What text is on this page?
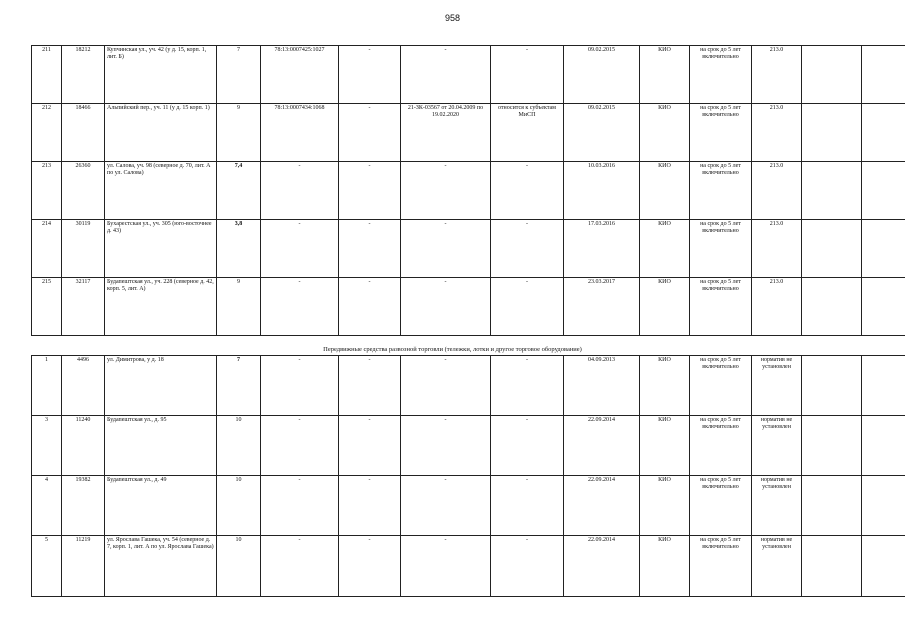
958
211	18212	Купчинская ул., уч. 42 (у д. 15, корп. 1, лит. Б)	7	78:13:0007425:1027	-	-	-	09.02.2015	КИО	на срок до 5 лет включительно	213.0		
212	18466	Альпийский пер., уч. 11 (у д. 15 корп. 1)	9	78:13:0007434:1068	-	21-ЗК-03567 от 20.04.2009 по 19.02.2020	относится к субъектам МиСП	09.02.2015	КИО	на срок до 5 лет включительно	213.0		
213	26360	ул. Салова, уч. 98 (северное д. 70, лит. А по ул. Салова)	7,4	-	-	-	-	10.03.2016	КИО	на срок до 5 лет включительно	213.0		
214	30119	Бухарестская ул., уч. 305 (юго-восточнее д. 43)	3,8	-	-	-	-	17.03.2016	КИО	на срок до 5 лет включительно	213.0		
215	32117	Будапештская ул., уч. 228 (северное д. 42, корп. 5, лит. А)	9	-	-	-	-	23.03.2017	КИО	на срок до 5 лет включительно	213.0		
Передвижные средства развозной торговли (тележки, лотки и другое торговое оборудование)
1	4496	ул. Димитрова, у д. 18	7	-	-	-	-	04.09.2013	КИО	на срок до 5 лет включительно	норматив не установлен		
3	11240	Будапештская ул., д. 95	10	-	-	-	-	22.09.2014	КИО	на срок до 5 лет включительно	норматив не установлен		
4	19382	Будапештская ул., д. 49	10	-	-	-	-	22.09.2014	КИО	на срок до 5 лет включительно	норматив не установлен		
5	11219	ул. Ярослава Гашека, уч. 54 (северное д. 7, корп. 1, лит. А по ул. Ярослава Гашека)	10	-	-	-	-	22.09.2014	КИО	на срок до 5 лет включительно	норматив не установлен		
